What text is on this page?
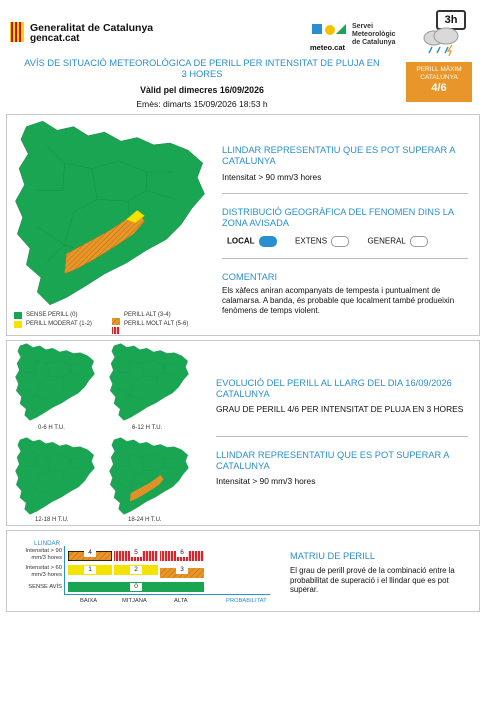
Generalitat de Catalunya
gencat.cat
meteo.cat
Servei
Meteorològic
de Catalunya
3h
AVÍS DE SITUACIÓ METEOROLÒGICA DE PERILL PER INTENSITAT DE PLUJA EN 3 HORES
Vàlid pel dimecres 16/09/2026
Emès: dimarts 15/09/2026 18:53 h
PERILL MÀXIM CATALUNYA
4/6
SENSE PERILL (0)
PERILL MODERAT (1-2)
PERILL ALT (3-4)
PERILL MOLT ALT (5-6)
LLINDAR REPRESENTATIU QUE ES POT SUPERAR A CATALUNYA
Intensitat > 90 mm/3 hores
DISTRIBUCIÓ GEOGRÀFICA DEL FENOMEN DINS LA ZONA AVISADA
LOCAL	EXTENS	GENERAL
COMENTARI
Els xàfecs aniran acompanyats de tempesta i puntualment de calamarsa. A banda, és probable que localment també produeixin fenòmens de temps violent.
0-6 H T.U.	6-12 H T.U.
12-18 H T.U.	18-24 H T.U.
EVOLUCIÓ DEL PERILL AL LLARG DEL DIA 16/09/2026 CATALUNYA
GRAU DE PERILL 4/6 PER INTENSITAT DE PLUJA EN 3 HORES
LLINDAR REPRESENTATIU QUE ES POT SUPERAR A CATALUNYA
Intensitat > 90 mm/3 hores
LLINDAR
Intensitat > 90 mm/3 hores
Intensitat > 60 mm/3 hores
SENSE AVÍS
4	5	6
1	2	3
0
BAIXA	MITJANA	ALTA	PROBABILITAT
MATRIU DE PERILL
El grau de perill prové de la combinació entre la probabilitat de superació i el llindar que es pot superar.
